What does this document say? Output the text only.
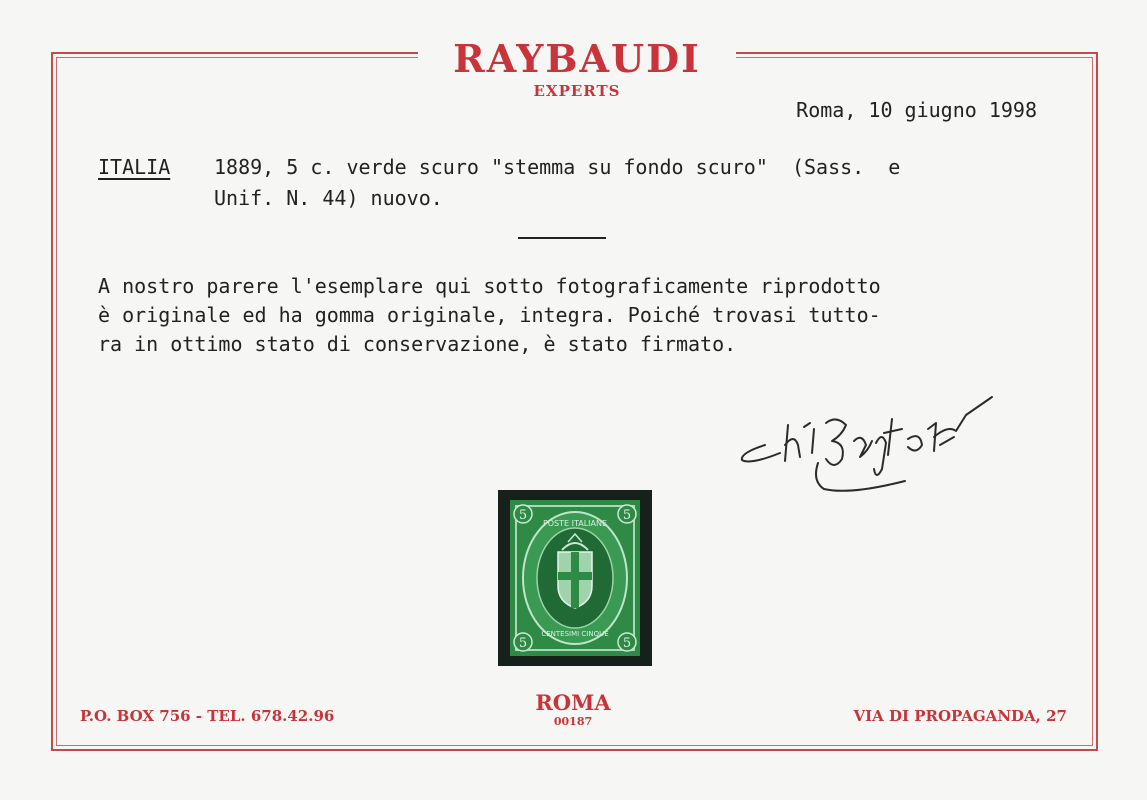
RAYBAUDI
EXPERTS
Roma, 10 giugno 1998
ITALIA 1889, 5 c. verde scuro "stemma su fondo scuro"  (Sass.  e
Unif. N. 44) nuovo.
A nostro parere l'esemplare qui sotto fotograficamente riprodotto
è originale ed ha gomma originale, integra. Poiché trovasi tutto-
ra in ottimo stato di conservazione, è stato firmato.
5	5
5	5
POSTE ITALIANE
CENTESIMI CINQUE
P.O. BOX 756 - TEL. 678.42.96
ROMA
00187	VIA DI PROPAGANDA, 27
